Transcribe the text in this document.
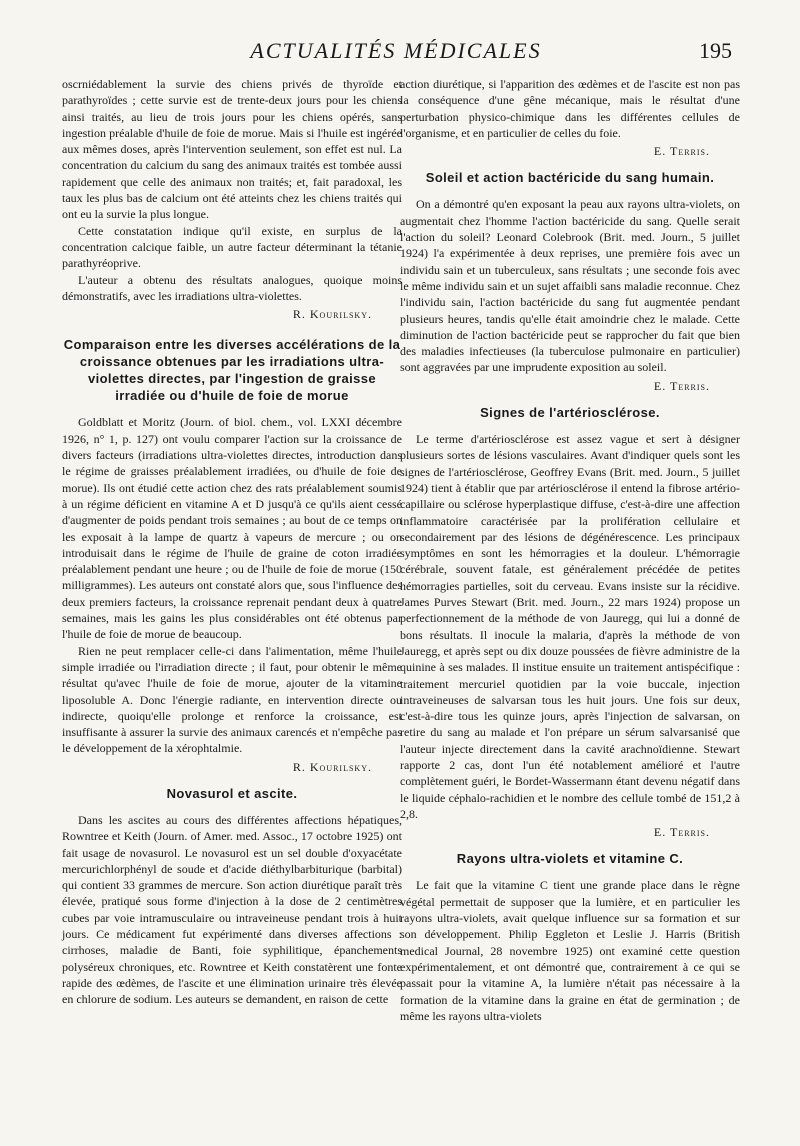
ACTUALITÉS MÉDICALES	195

oscrniédablement la survie des chiens privés de thyroïde et parathyroïdes ; cette survie est de trente-deux jours pour les chiens ainsi traités, au lieu de trois jours pour les chiens opérés, sans ingestion préalable d'huile de foie de morue. Mais si l'huile est ingérée aux mêmes doses, après l'intervention seulement, son effet est nul. La concentration du calcium du sang des animaux traités est tombée aussi rapidement que celle des animaux non traités; et, fait paradoxal, les taux les plus bas de calcium ont été atteints chez les chiens traités qui ont eu la survie la plus longue.

Cette constatation indique qu'il existe, en surplus de la concentration calcique faible, un autre facteur déterminant la tétanie parathyréoprive.

L'auteur a obtenu des résultats analogues, quoique moins démonstratifs, avec les irradiations ultra-violettes.

R. Kourilsky.
Comparaison entre les diverses accélérations de la croissance obtenues par les irradiations ultra-violettes directes, par l'ingestion de graisse irradiée ou d'huile de foie de morue

Goldblatt et Moritz (Journ. of biol. chem., vol. LXXI décembre 1926, n° 1, p. 127) ont voulu comparer l'action sur la croissance de divers facteurs (irradiations ultra-violettes directes, introduction dans le régime de graisses préalablement irradiées, ou d'huile de foie de morue). Ils ont étudié cette action chez des rats préalablement soumis à un régime déficient en vitamine A et D jusqu'à ce qu'ils aient cessé d'augmenter de poids pendant trois semaines ; au bout de ce temps on les exposait à la lampe de quartz à vapeurs de mercure ; ou on introduisait dans le régime de l'huile de graine de coton irradiée préalablement pendant une heure ; ou de l'huile de foie de morue (150 milligrammes). Les auteurs ont constaté alors que, sous l'influence des deux premiers facteurs, la croissance reprenait pendant deux à quatre semaines, mais les gains les plus considérables ont été obtenus par l'huile de foie de morue de beaucoup.

Rien ne peut remplacer celle-ci dans l'alimentation, même l'huile simple irradiée ou l'irradiation directe ; il faut, pour obtenir le même résultat qu'avec l'huile de foie de morue, ajouter de la vitamine liposoluble A. Donc l'énergie radiante, en intervention directe ou indirecte, quoiqu'elle prolonge et renforce la croissance, est insuffisante à assurer la survie des animaux carencés et n'empêche pas le développement de la xérophtalmie.

R. Kourilsky.
Novasurol et ascite.

Dans les ascites au cours des différentes affections hépatiques, Rowntree et Keith (Journ. of Amer. med. Assoc., 17 octobre 1925) ont fait usage de novasurol. Le novasurol est un sel double d'oxyacétate mercurichlorphényl de soude et d'acide diéthylbarbiturique (barbital) qui contient 33 grammes de mercure. Son action diurétique paraît très élevée, pratiqué sous forme d'injection à la dose de 2 centimètres cubes par voie intramusculaire ou intraveineuse pendant trois à huit jours. Ce médicament fut expérimenté dans diverses affections : cirrhoses, maladie de Banti, foie syphilitique, épanchements polyséreux chroniques, etc. Rowntree et Keith constatèrent une fonte rapide des œdèmes, de l'ascite et une élimination urinaire très élevée en chlorure de sodium. Les auteurs se demandent, en raison de cette

action diurétique, si l'apparition des œdèmes et de l'ascite est non pas la conséquence d'une gêne mécanique, mais le résultat d'une perturbation physico-chimique dans les différentes cellules de l'organisme, et en particulier de celles du foie.

E. Terris.
Soleil et action bactéricide du sang humain.

On a démontré qu'en exposant la peau aux rayons ultra-violets, on augmentait chez l'homme l'action bactéricide du sang. Quelle serait l'action du soleil? Leonard Colebrook (Brit. med. Journ., 5 juillet 1924) l'a expérimentée à deux reprises, une première fois avec un individu sain et un tuberculeux, sans résultats ; une seconde fois avec le même individu sain et un sujet affaibli sans maladie reconnue. Chez l'individu sain, l'action bactéricide du sang fut augmentée pendant plusieurs heures, tandis qu'elle était amoindrie chez le malade. Cette diminution de l'action bactéricide peut se rapprocher du fait que bien des maladies infectieuses (la tuberculose pulmonaire en particulier) sont aggravées par une imprudente exposition au soleil.

E. Terris.
Signes de l'artériosclérose.

Le terme d'artériosclérose est assez vague et sert à désigner plusieurs sortes de lésions vasculaires. Avant d'indiquer quels sont les signes de l'artériosclérose, Geoffrey Evans (Brit. med. Journ., 5 juillet 1924) tient à établir que par artériosclérose il entend la fibrose artério-capillaire ou sclérose hyperplastique diffuse, c'est-à-dire une affection inflammatoire caractérisée par la prolifération cellulaire et secondairement par des lésions de dégénérescence. Les principaux symptômes en sont les hémorragies et la douleur. L'hémorragie cérébrale, souvent fatale, est généralement précédée de petites hémorragies partielles, soit du cerveau. Evans insiste sur la récidive. James Purves Stewart (Brit. med. Journ., 22 mars 1924) propose un perfectionnement de la méthode de von Jauregg, qui lui a donné de bons résultats. Il inocule la malaria, d'après la méthode de von Jauregg, et après sept ou dix douze poussées de fièvre administre de la quinine à ses malades. Il institue ensuite un traitement antispécifique : traitement mercuriel quotidien par la voie buccale, injection intraveineuses de salvarsan tous les huit jours. Une fois sur deux, c'est-à-dire tous les quinze jours, après l'injection de salvarsan, on retire du sang au malade et l'on prépare un sérum salvarsanisé que l'auteur injecte directement dans la cavité arachnoïdienne. Stewart rapporte 2 cas, dont l'un été notablement amélioré et l'autre complètement guéri, le Bordet-Wassermann étant devenu négatif dans le liquide céphalo-rachidien et le nombre des cellule tombé de 151,2 à 2,8.

E. Terris.
Rayons ultra-violets et vitamine C.

Le fait que la vitamine C tient une grande place dans le règne végétal permettait de supposer que la lumière, et en particulier les rayons ultra-violets, avait quelque influence sur sa formation et sur son développement. Philip Eggleton et Leslie J. Harris (British medical Journal, 28 novembre 1925) ont examiné cette question expérimentalement, et ont démontré que, contrairement à ce qui se passait pour la vitamine A, la lumière n'était pas nécessaire à la formation de la vitamine dans la graine en état de germination ; de même les rayons ultra-violets
